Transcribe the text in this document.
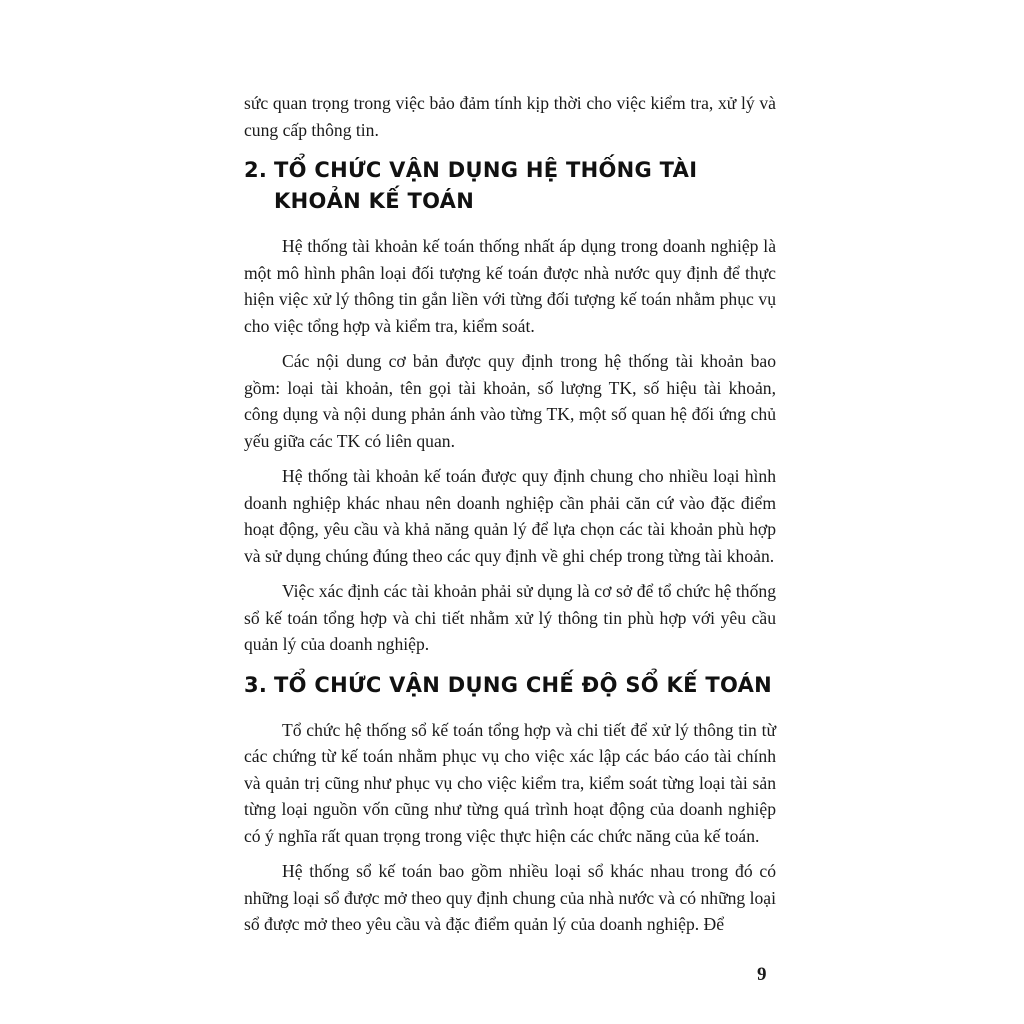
sức quan trọng trong việc bảo đảm tính kịp thời cho việc kiểm tra, xử lý và cung cấp thông tin.

2. TỔ CHỨC VẬN DỤNG HỆ THỐNG TÀI KHOẢN KẾ TOÁN

Hệ thống tài khoản kế toán thống nhất áp dụng trong doanh nghiệp là một mô hình phân loại đối tượng kế toán được nhà nước quy định để thực hiện việc xử lý thông tin gắn liền với từng đối tượng kế toán nhằm phục vụ cho việc tổng hợp và kiểm tra, kiểm soát.

Các nội dung cơ bản được quy định trong hệ thống tài khoản bao gồm: loại tài khoản, tên gọi tài khoản, số lượng TK, số hiệu tài khoản, công dụng và nội dung phản ánh vào từng TK, một số quan hệ đối ứng chủ yếu giữa các TK có liên quan.

Hệ thống tài khoản kế toán được quy định chung cho nhiều loại hình doanh nghiệp khác nhau nên doanh nghiệp cần phải căn cứ vào đặc điểm hoạt động, yêu cầu và khả năng quản lý để lựa chọn các tài khoản phù hợp và sử dụng chúng đúng theo các quy định về ghi chép trong từng tài khoản.

Việc xác định các tài khoản phải sử dụng là cơ sở để tổ chức hệ thống sổ kế toán tổng hợp và chi tiết nhằm xử lý thông tin phù hợp với yêu cầu quản lý của doanh nghiệp.

3. TỔ CHỨC VẬN DỤNG CHẾ ĐỘ SỔ KẾ TOÁN

Tổ chức hệ thống sổ kế toán tổng hợp và chi tiết để xử lý thông tin từ các chứng từ kế toán nhằm phục vụ cho việc xác lập các báo cáo tài chính và quản trị cũng như phục vụ cho việc kiểm tra, kiểm soát từng loại tài sản từng loại nguồn vốn cũng như từng quá trình hoạt động của doanh nghiệp có ý nghĩa rất quan trọng trong việc thực hiện các chức năng của kế toán.

Hệ thống sổ kế toán bao gồm nhiều loại sổ khác nhau trong đó có những loại sổ được mở theo quy định chung của nhà nước và có những loại sổ được mở theo yêu cầu và đặc điểm quản lý của doanh nghiệp. Để

9
